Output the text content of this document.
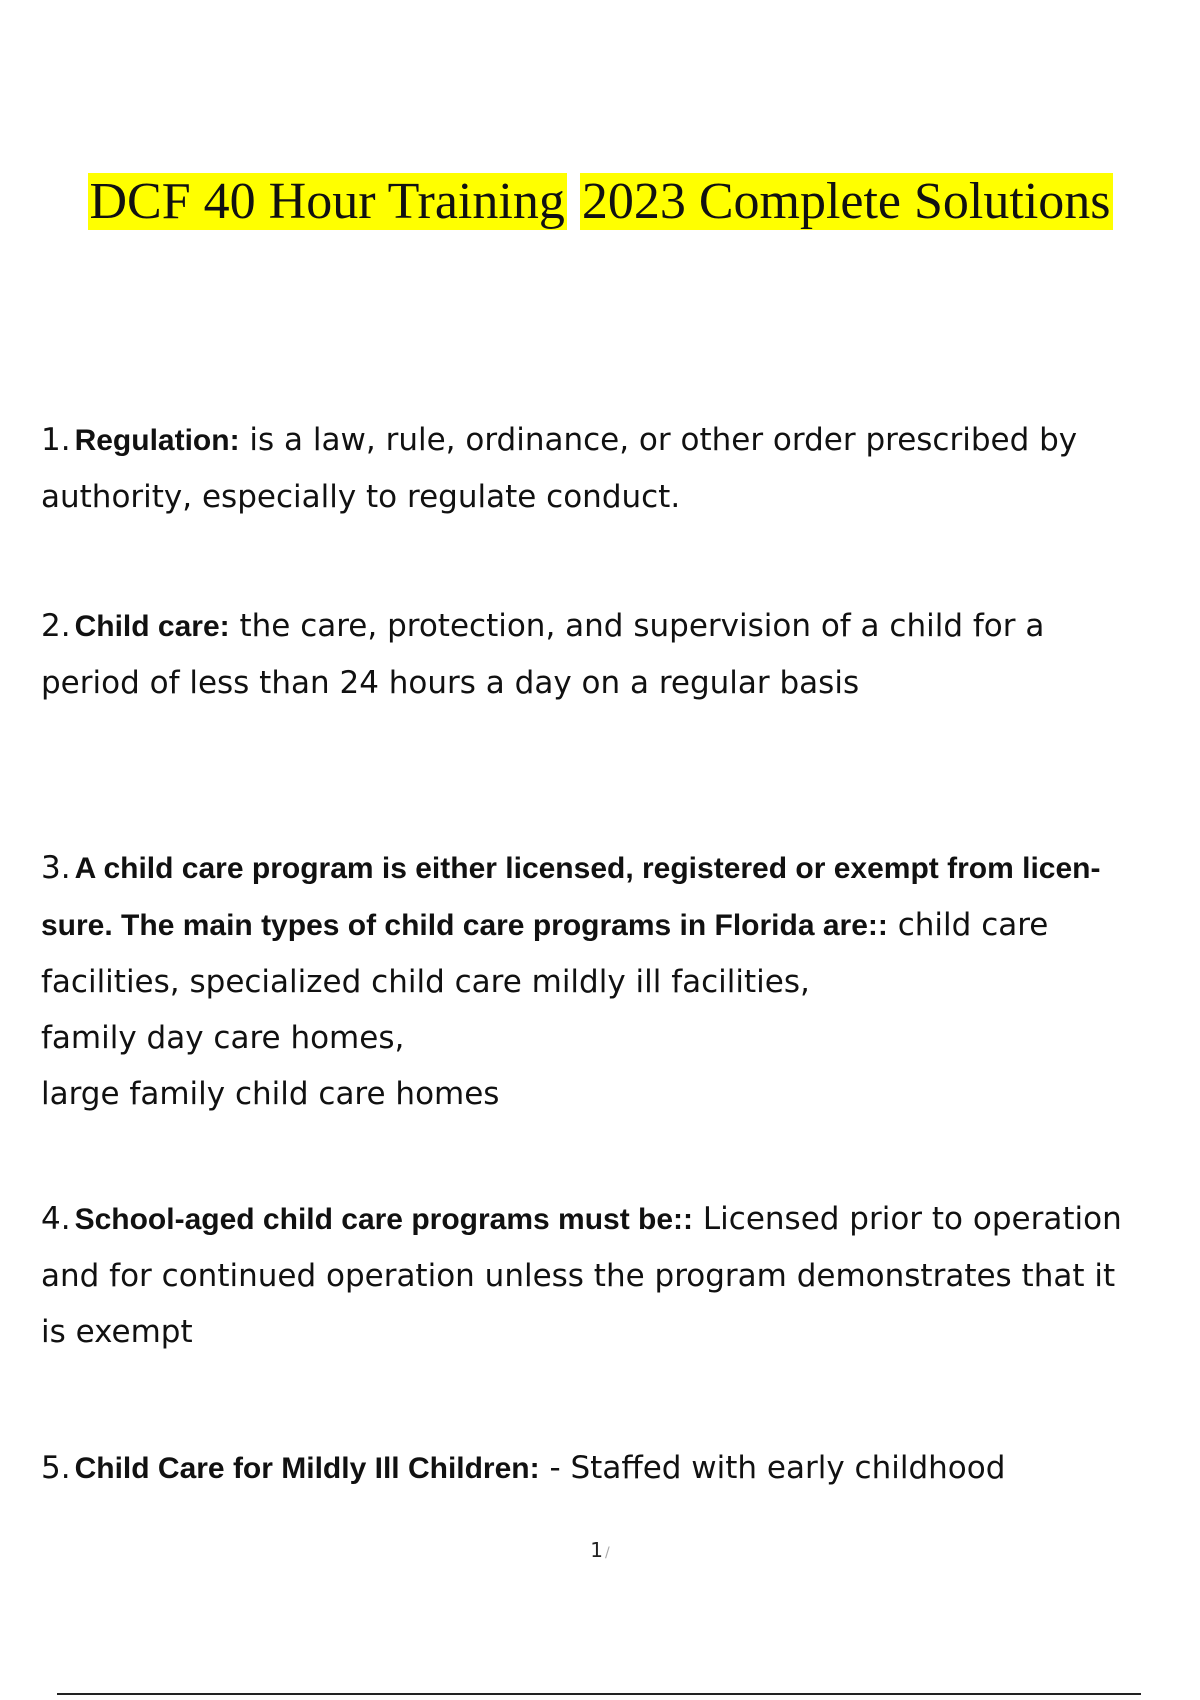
DCF 40 Hour Training 2023 Complete Solutions

1. Regulation: is a law, rule, ordinance, or other order prescribed by
authority, especially to regulate conduct.

2. Child care: the care, protection, and supervision of a child for a
period of less than 24 hours a day on a regular basis

3. A child care program is either licensed, registered or exempt from licen-
sure. The main types of child care programs in Florida are:: child care
facilities, specialized child care mildly ill facilities,
family day care homes,
large family child care homes

4. School-aged child care programs must be:: Licensed prior to operation
and for continued operation unless the program demonstrates that it
is exempt

5. Child Care for Mildly Ill Children: - Staffed with early childhood

1 /
